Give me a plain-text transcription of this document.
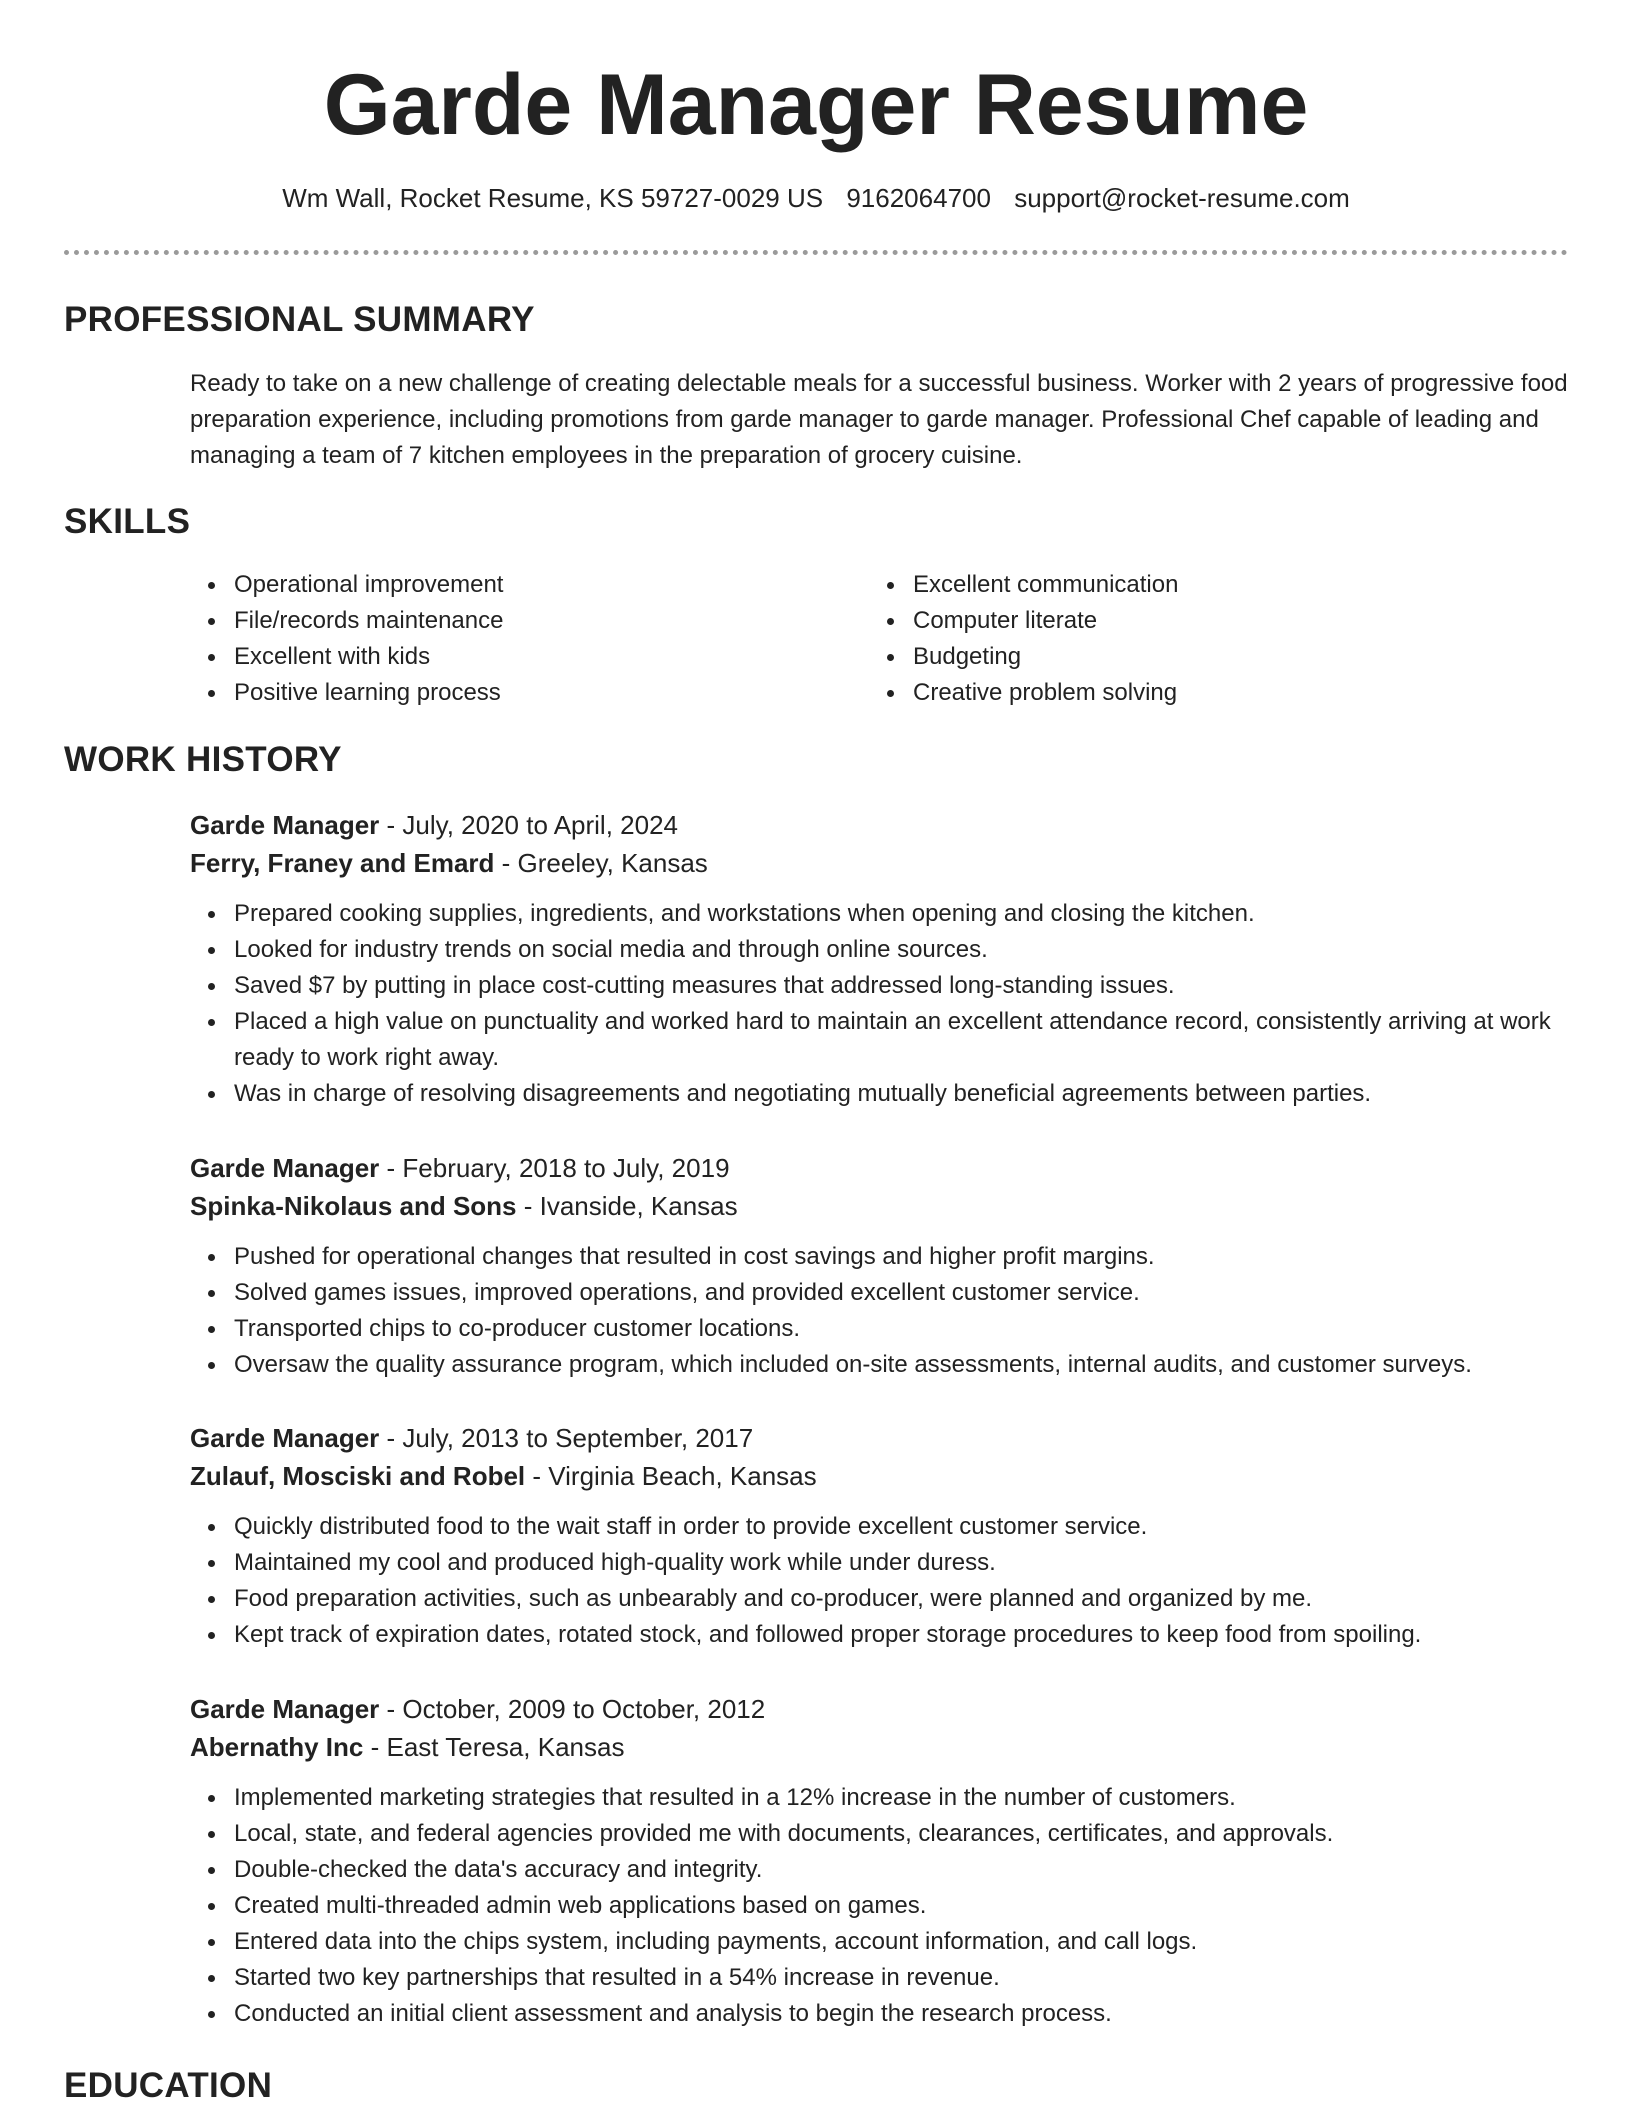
Garde Manager Resume
Wm Wall, Rocket Resume, KS 59727-0029 US 9162064700 support@rocket-resume.com
PROFESSIONAL SUMMARY

Ready to take on a new challenge of creating delectable meals for a successful business. Worker with 2 years of progressive food preparation experience, including promotions from garde manager to garde manager. Professional Chef capable of leading and managing a team of 7 kitchen employees in the preparation of grocery cuisine.

SKILLS
Operational improvement
File/records maintenance
Excellent with kids
Positive learning process
Excellent communication
Computer literate
Budgeting
Creative problem solving
WORK HISTORY

Garde Manager - July, 2020 to April, 2024

Ferry, Franey and Emard - Greeley, Kansas

Prepared cooking supplies, ingredients, and workstations when opening and closing the kitchen.
Looked for industry trends on social media and through online sources.
Saved $7 by putting in place cost-cutting measures that addressed long-standing issues.
Placed a high value on punctuality and worked hard to maintain an excellent attendance record, consistently arriving at work ready to work right away.
Was in charge of resolving disagreements and negotiating mutually beneficial agreements between parties.

Garde Manager - February, 2018 to July, 2019

Spinka-Nikolaus and Sons - Ivanside, Kansas

Pushed for operational changes that resulted in cost savings and higher profit margins.
Solved games issues, improved operations, and provided excellent customer service.
Transported chips to co-producer customer locations.
Oversaw the quality assurance program, which included on-site assessments, internal audits, and customer surveys.

Garde Manager - July, 2013 to September, 2017

Zulauf, Mosciski and Robel - Virginia Beach, Kansas

Quickly distributed food to the wait staff in order to provide excellent customer service.
Maintained my cool and produced high-quality work while under duress.
Food preparation activities, such as unbearably and co-producer, were planned and organized by me.
Kept track of expiration dates, rotated stock, and followed proper storage procedures to keep food from spoiling.

Garde Manager - October, 2009 to October, 2012

Abernathy Inc - East Teresa, Kansas

Implemented marketing strategies that resulted in a 12% increase in the number of customers.
Local, state, and federal agencies provided me with documents, clearances, certificates, and approvals.
Double-checked the data's accuracy and integrity.
Created multi-threaded admin web applications based on games.
Entered data into the chips system, including payments, account information, and call logs.
Started two key partnerships that resulted in a 54% increase in revenue.
Conducted an initial client assessment and analysis to begin the research process.
EDUCATION
